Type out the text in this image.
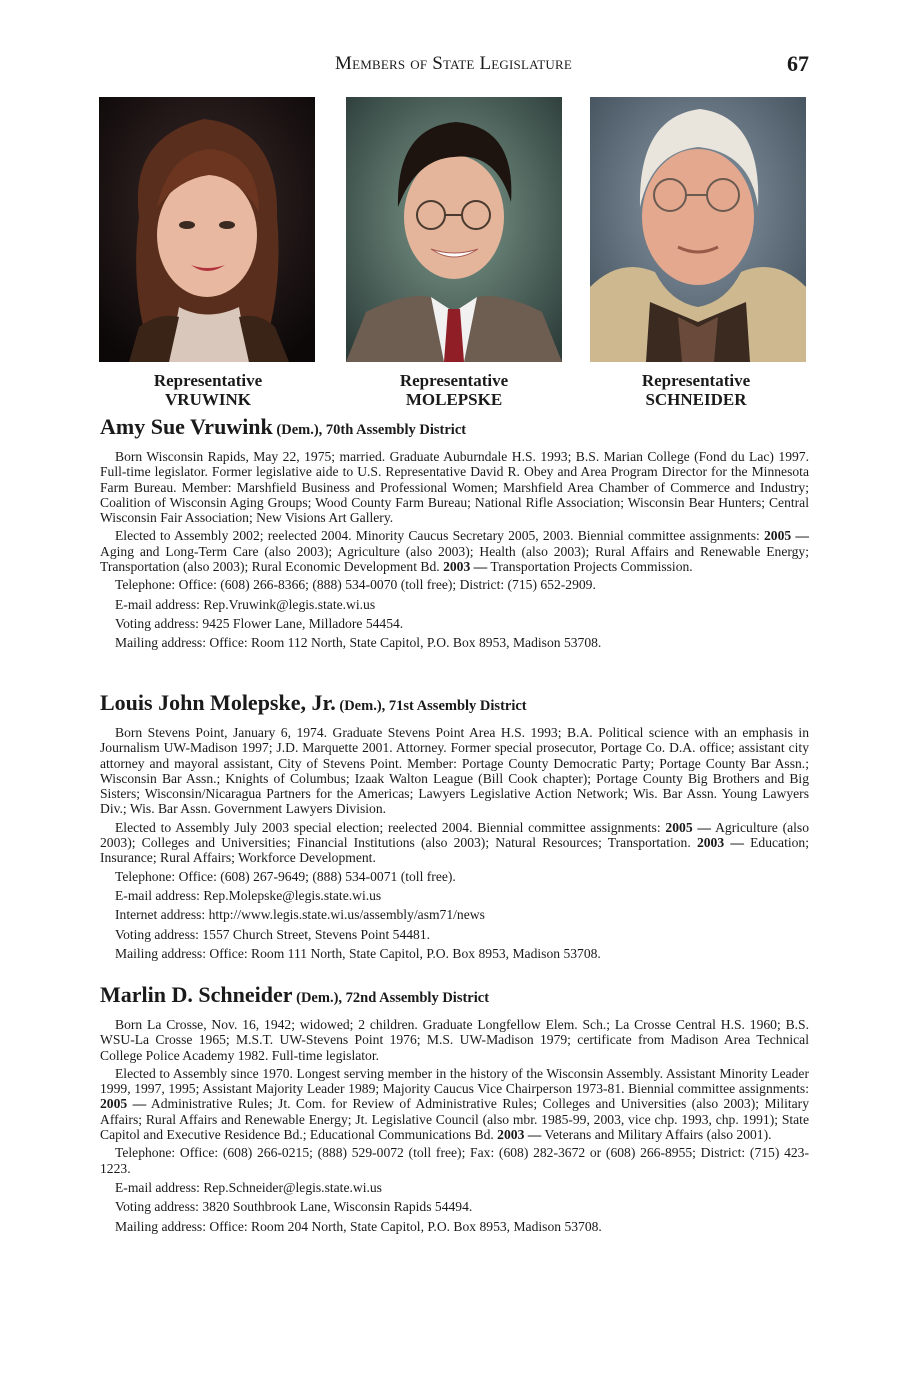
Members of State Legislature	67
Representative
VRUWINK
Representative
MOLEPSKE
Representative
SCHNEIDER
Amy Sue Vruwink (Dem.), 70th Assembly District

Born Wisconsin Rapids, May 22, 1975; married. Graduate Auburndale H.S. 1993; B.S. Marian College (Fond du Lac) 1997. Full-time legislator. Former legislative aide to U.S. Representative David R. Obey and Area Program Director for the Minnesota Farm Bureau. Member: Marshfield Business and Professional Women; Marshfield Area Chamber of Commerce and Industry; Coalition of Wisconsin Aging Groups; Wood County Farm Bureau; National Rifle Association; Wisconsin Bear Hunters; Central Wisconsin Fair Association; New Visions Art Gallery.

Elected to Assembly 2002; reelected 2004. Minority Caucus Secretary 2005, 2003. Biennial committee assignments: 2005 — Aging and Long-Term Care (also 2003); Agriculture (also 2003); Health (also 2003); Rural Affairs and Renewable Energy; Transportation (also 2003); Rural Economic Development Bd. 2003 — Transportation Projects Commission.

Telephone: Office: (608) 266-8366; (888) 534-0070 (toll free); District: (715) 652-2909.

E-mail address: Rep.Vruwink@legis.state.wi.us

Voting address: 9425 Flower Lane, Milladore 54454.

Mailing address: Office: Room 112 North, State Capitol, P.O. Box 8953, Madison 53708.

Louis John Molepske, Jr. (Dem.), 71st Assembly District

Born Stevens Point, January 6, 1974. Graduate Stevens Point Area H.S. 1993; B.A. Political science with an emphasis in Journalism UW-Madison 1997; J.D. Marquette 2001. Attorney. Former special prosecutor, Portage Co. D.A. office; assistant city attorney and mayoral assistant, City of Stevens Point. Member: Portage County Democratic Party; Portage County Bar Assn.; Wisconsin Bar Assn.; Knights of Columbus; Izaak Walton League (Bill Cook chapter); Portage County Big Brothers and Big Sisters; Wisconsin/Nicaragua Partners for the Americas; Lawyers Legislative Action Network; Wis. Bar Assn. Young Lawyers Div.; Wis. Bar Assn. Government Lawyers Division.

Elected to Assembly July 2003 special election; reelected 2004. Biennial committee assignments: 2005 — Agriculture (also 2003); Colleges and Universities; Financial Institutions (also 2003); Natural Resources; Transportation. 2003 — Education; Insurance; Rural Affairs; Workforce Development.

Telephone: Office: (608) 267-9649; (888) 534-0071 (toll free).

E-mail address: Rep.Molepske@legis.state.wi.us

Internet address: http://www.legis.state.wi.us/assembly/asm71/news

Voting address: 1557 Church Street, Stevens Point 54481.

Mailing address: Office: Room 111 North, State Capitol, P.O. Box 8953, Madison 53708.

Marlin D. Schneider (Dem.), 72nd Assembly District

Born La Crosse, Nov. 16, 1942; widowed; 2 children. Graduate Longfellow Elem. Sch.; La Crosse Central H.S. 1960; B.S. WSU-La Crosse 1965; M.S.T. UW-Stevens Point 1976; M.S. UW-Madison 1979; certificate from Madison Area Technical College Police Academy 1982. Full-time legislator.

Elected to Assembly since 1970. Longest serving member in the history of the Wisconsin Assembly. Assistant Minority Leader 1999, 1997, 1995; Assistant Majority Leader 1989; Majority Caucus Vice Chairperson 1973-81. Biennial committee assignments: 2005 — Administrative Rules; Jt. Com. for Review of Administrative Rules; Colleges and Universities (also 2003); Military Affairs; Rural Affairs and Renewable Energy; Jt. Legislative Council (also mbr. 1985-99, 2003, vice chp. 1993, chp. 1991); State Capitol and Executive Residence Bd.; Educational Communications Bd. 2003 — Veterans and Military Affairs (also 2001).

Telephone: Office: (608) 266-0215; (888) 529-0072 (toll free); Fax: (608) 282-3672 or (608) 266-8955; District: (715) 423-1223.

E-mail address: Rep.Schneider@legis.state.wi.us

Voting address: 3820 Southbrook Lane, Wisconsin Rapids 54494.

Mailing address: Office: Room 204 North, State Capitol, P.O. Box 8953, Madison 53708.
